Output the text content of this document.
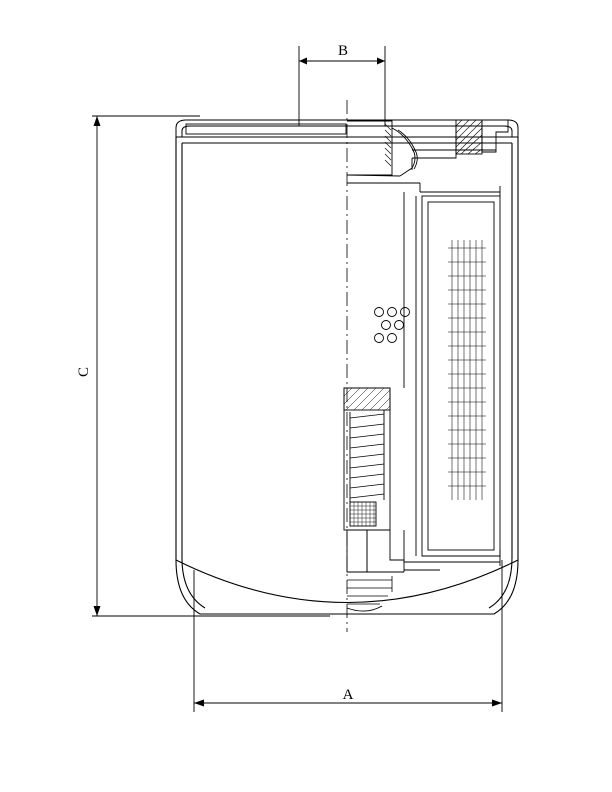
B
C
A
